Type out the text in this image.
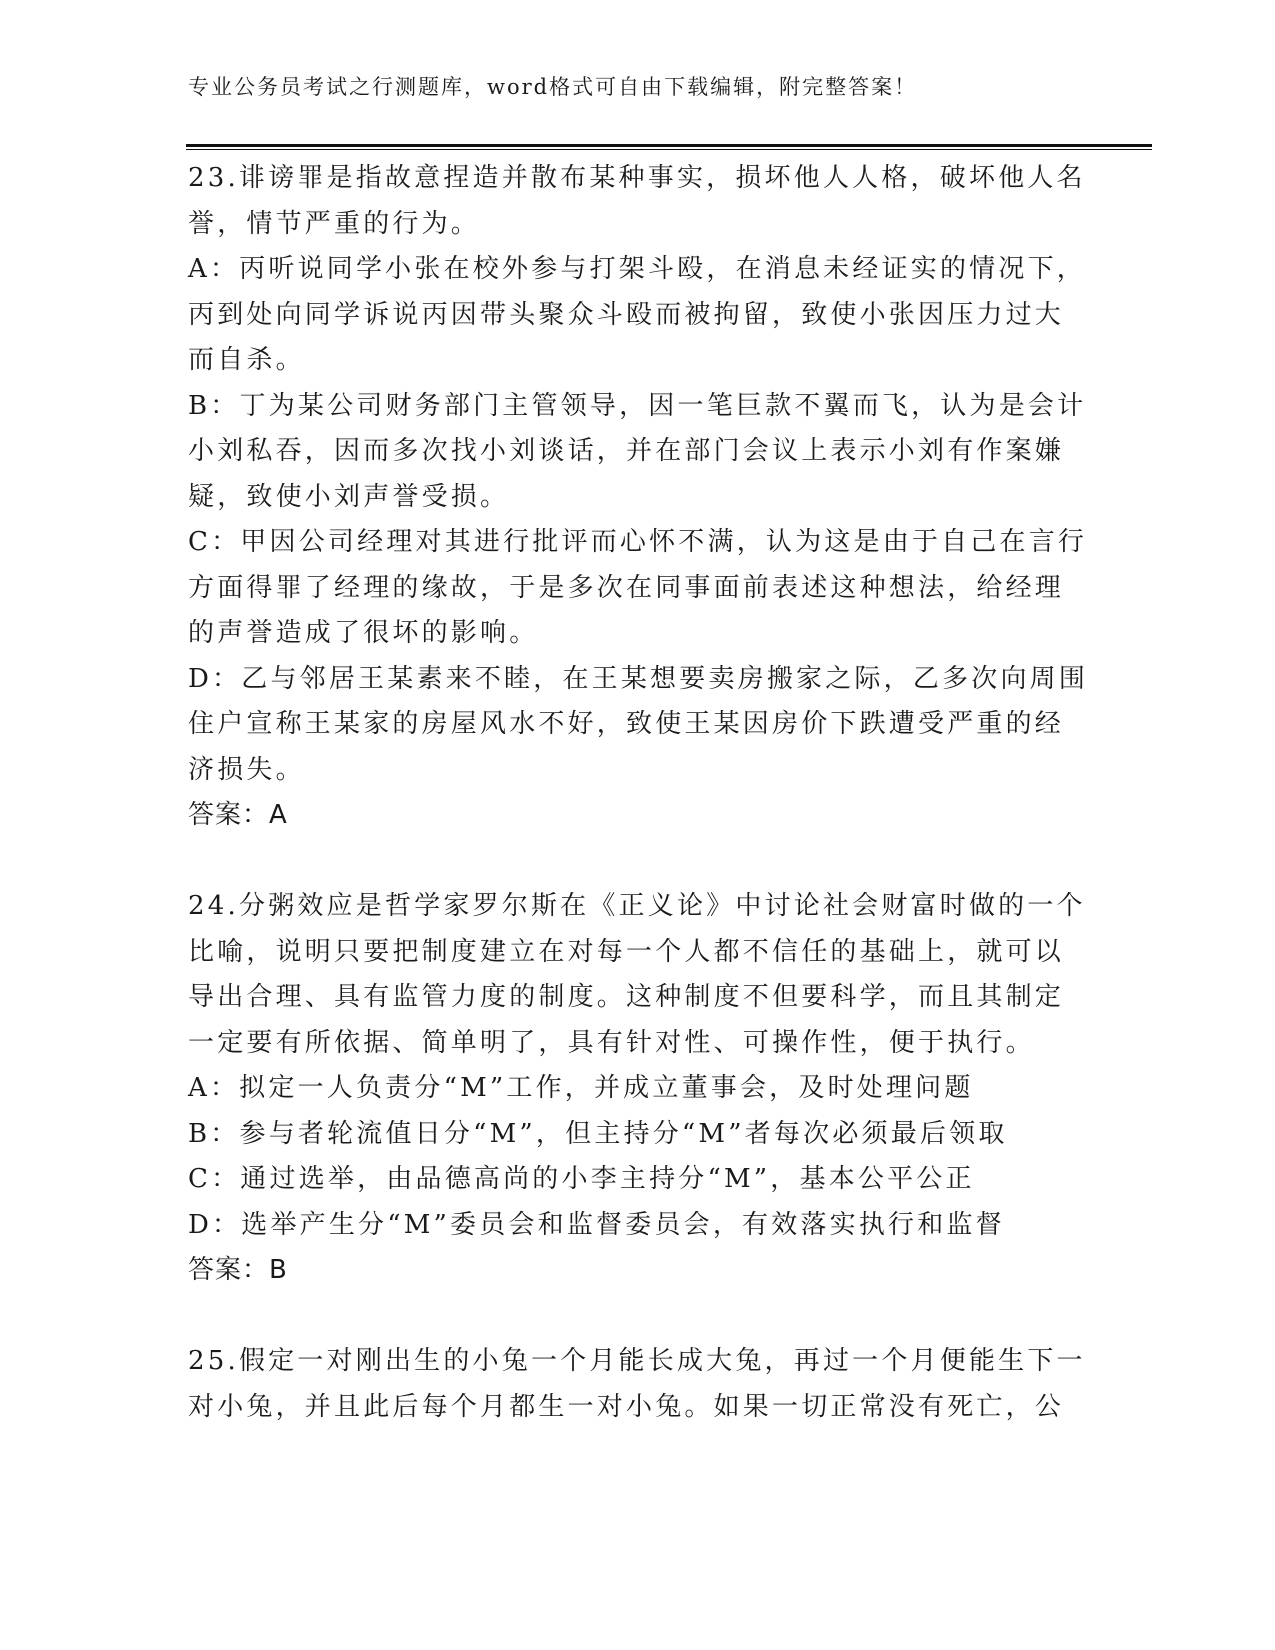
专业公务员考试之行测题库，word格式可自由下载编辑，附完整答案！
23.诽谤罪是指故意捏造并散布某种事实，损坏他人人格，破坏他人名
誉，情节严重的行为。
A：丙听说同学小张在校外参与打架斗殴，在消息未经证实的情况下，
丙到处向同学诉说丙因带头聚众斗殴而被拘留，致使小张因压力过大
而自杀。
B：丁为某公司财务部门主管领导，因一笔巨款不翼而飞，认为是会计
小刘私吞，因而多次找小刘谈话，并在部门会议上表示小刘有作案嫌
疑，致使小刘声誉受损。
C：甲因公司经理对其进行批评而心怀不满，认为这是由于自己在言行
方面得罪了经理的缘故，于是多次在同事面前表述这种想法，给经理
的声誉造成了很坏的影响。
D：乙与邻居王某素来不睦，在王某想要卖房搬家之际，乙多次向周围
住户宣称王某家的房屋风水不好，致使王某因房价下跌遭受严重的经
济损失。
答案：A
24.分粥效应是哲学家罗尔斯在《正义论》中讨论社会财富时做的一个
比喻，说明只要把制度建立在对每一个人都不信任的基础上，就可以
导出合理、具有监管力度的制度。这种制度不但要科学，而且其制定
一定要有所依据、简单明了，具有针对性、可操作性，便于执行。
A：拟定一人负责分“M”工作，并成立董事会，及时处理问题
B：参与者轮流值日分“M”，但主持分“M”者每次必须最后领取
C：通过选举，由品德高尚的小李主持分“M”，基本公平公正
D：选举产生分“M”委员会和监督委员会，有效落实执行和监督
答案：B
25.假定一对刚出生的小兔一个月能长成大兔，再过一个月便能生下一
对小兔，并且此后每个月都生一对小兔。如果一切正常没有死亡，公
